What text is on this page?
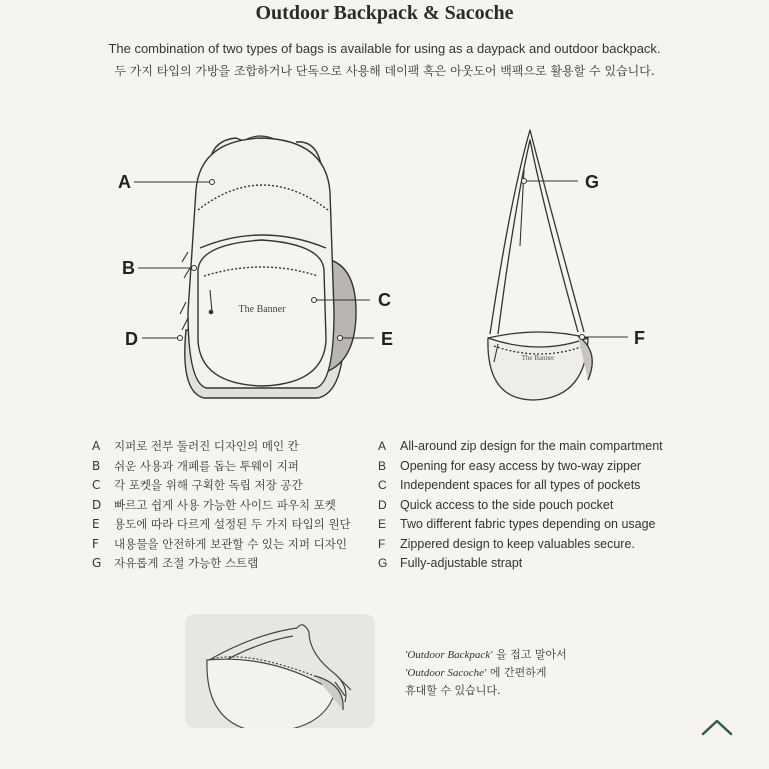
Outdoor Backpack & Sacoche
The combination of two types of bags is available for using as a daypack and outdoor backpack.
두 가지 타입의 가방을 조합하거나 단독으로 사용해 데이팩 혹은 아웃도어 백팩으로 활용할 수 있습니다.
The Banner
The Banner
A
B
C
D	E
G
F
A 지퍼로 전부 둘러진 디자인의 메인 칸
B 쉬운 사용과 개폐를 돕는 투웨이 지퍼
C 각 포켓을 위해 구획한 독립 저장 공간
D 빠르고 쉽게 사용 가능한 사이드 파우치 포켓
E 용도에 따라 다르게 설정된 두 가지 타입의 원단
F 내용물을 안전하게 보관할 수 있는 지퍼 디자인
G 자유롭게 조절 가능한 스트랩
A All-around zip design for the main compartment
B Opening for easy access by two-way zipper
C Independent spaces for all types of pockets
D Quick access to the side pouch pocket
E Two different fabric types depending on usage
F Zippered design to keep valuables secure.
G Fully-adjustable strapt
'Outdoor Backpack' 을 접고 말아서
'Outdoor Sacoche' 에 간편하게
휴대할 수 있습니다.
